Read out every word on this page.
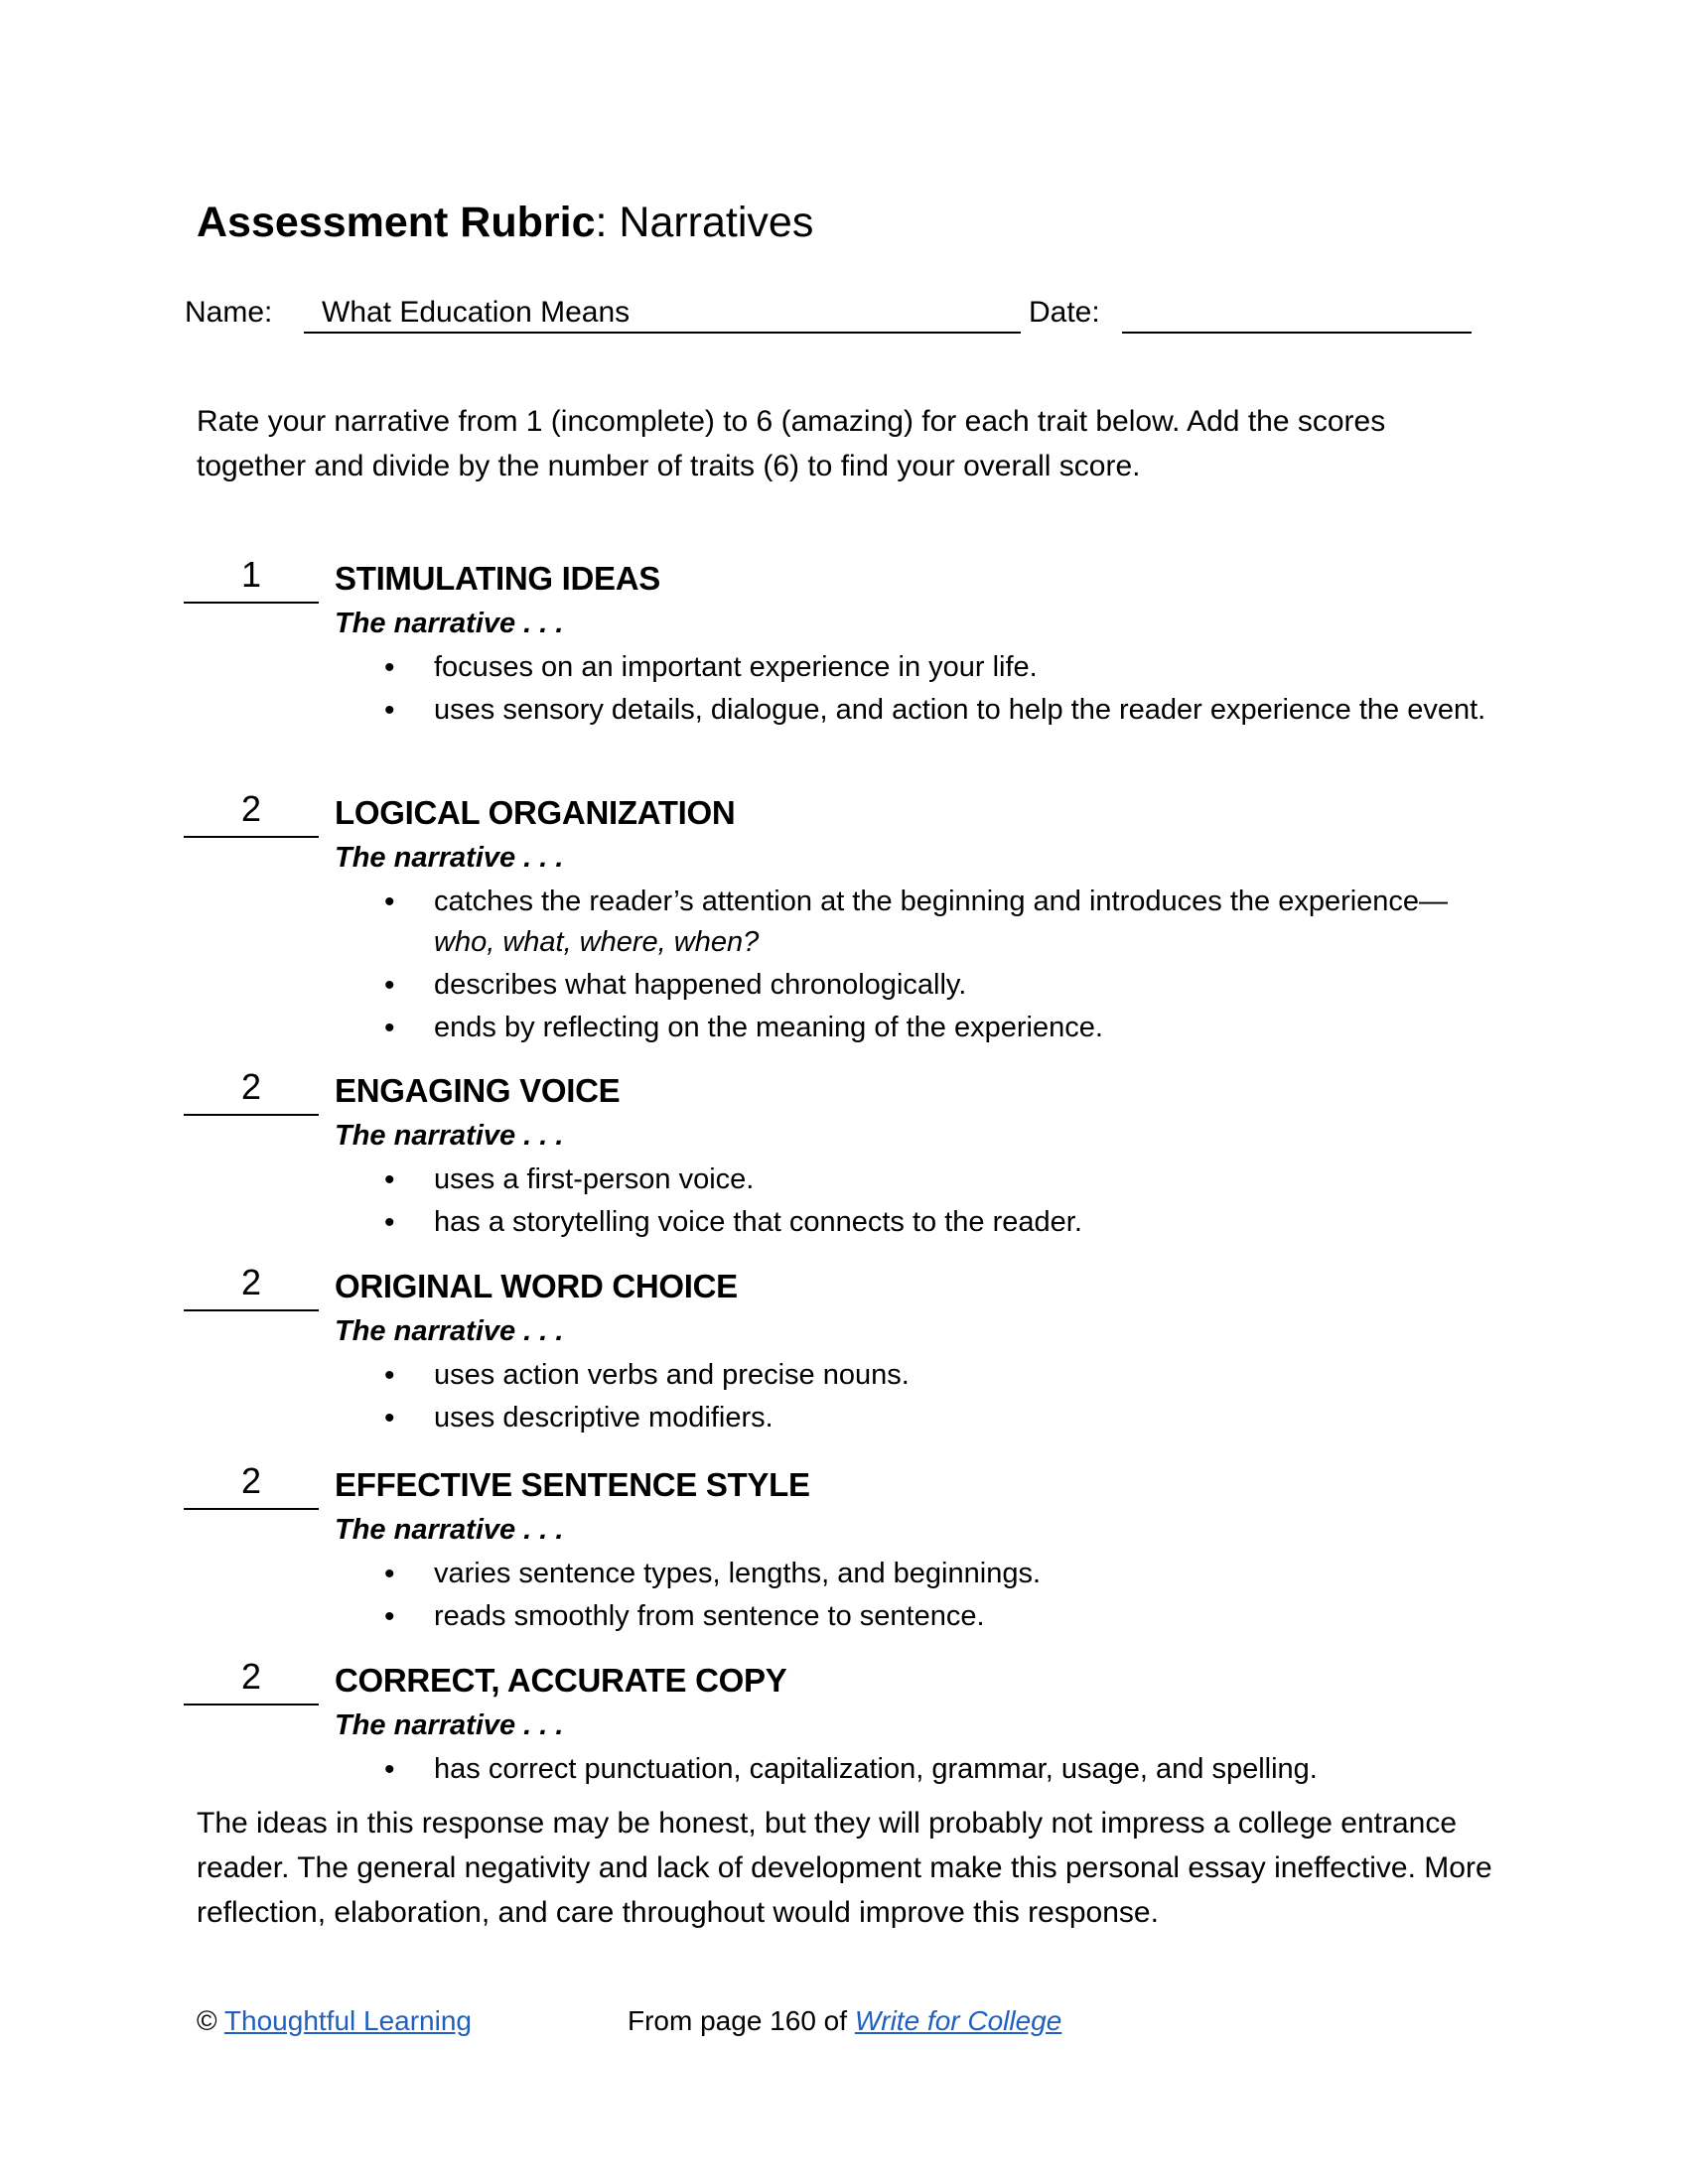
Assessment Rubric: Narratives
Name:	What Education Means	Date:
Rate your narrative from 1 (incomplete) to 6 (amazing) for each trait below. Add the scores together and divide by the number of traits (6) to find your overall score.
1	STIMULATING IDEAS
The narrative . . .
• focuses on an important experience in your life.
• uses sensory details, dialogue, and action to help the reader experience the event.
2	LOGICAL ORGANIZATION
The narrative . . .
• catches the reader’s attention at the beginning and introduces the experience—who, what, where, when?
• describes what happened chronologically.
• ends by reflecting on the meaning of the experience.
2	ENGAGING VOICE
The narrative . . .
• uses a first-person voice.
• has a storytelling voice that connects to the reader.
2	ORIGINAL WORD CHOICE
The narrative . . .
• uses action verbs and precise nouns.
• uses descriptive modifiers.
2	EFFECTIVE SENTENCE STYLE
The narrative . . .
• varies sentence types, lengths, and beginnings.
• reads smoothly from sentence to sentence.
2	CORRECT, ACCURATE COPY
The narrative . . .
• has correct punctuation, capitalization, grammar, usage, and spelling.
The ideas in this response may be honest, but they will probably not impress a college entrance reader. The general negativity and lack of development make this personal essay ineffective. More reflection, elaboration, and care throughout would improve this response.
© Thoughtful Learning	From page 160 of Write for College
